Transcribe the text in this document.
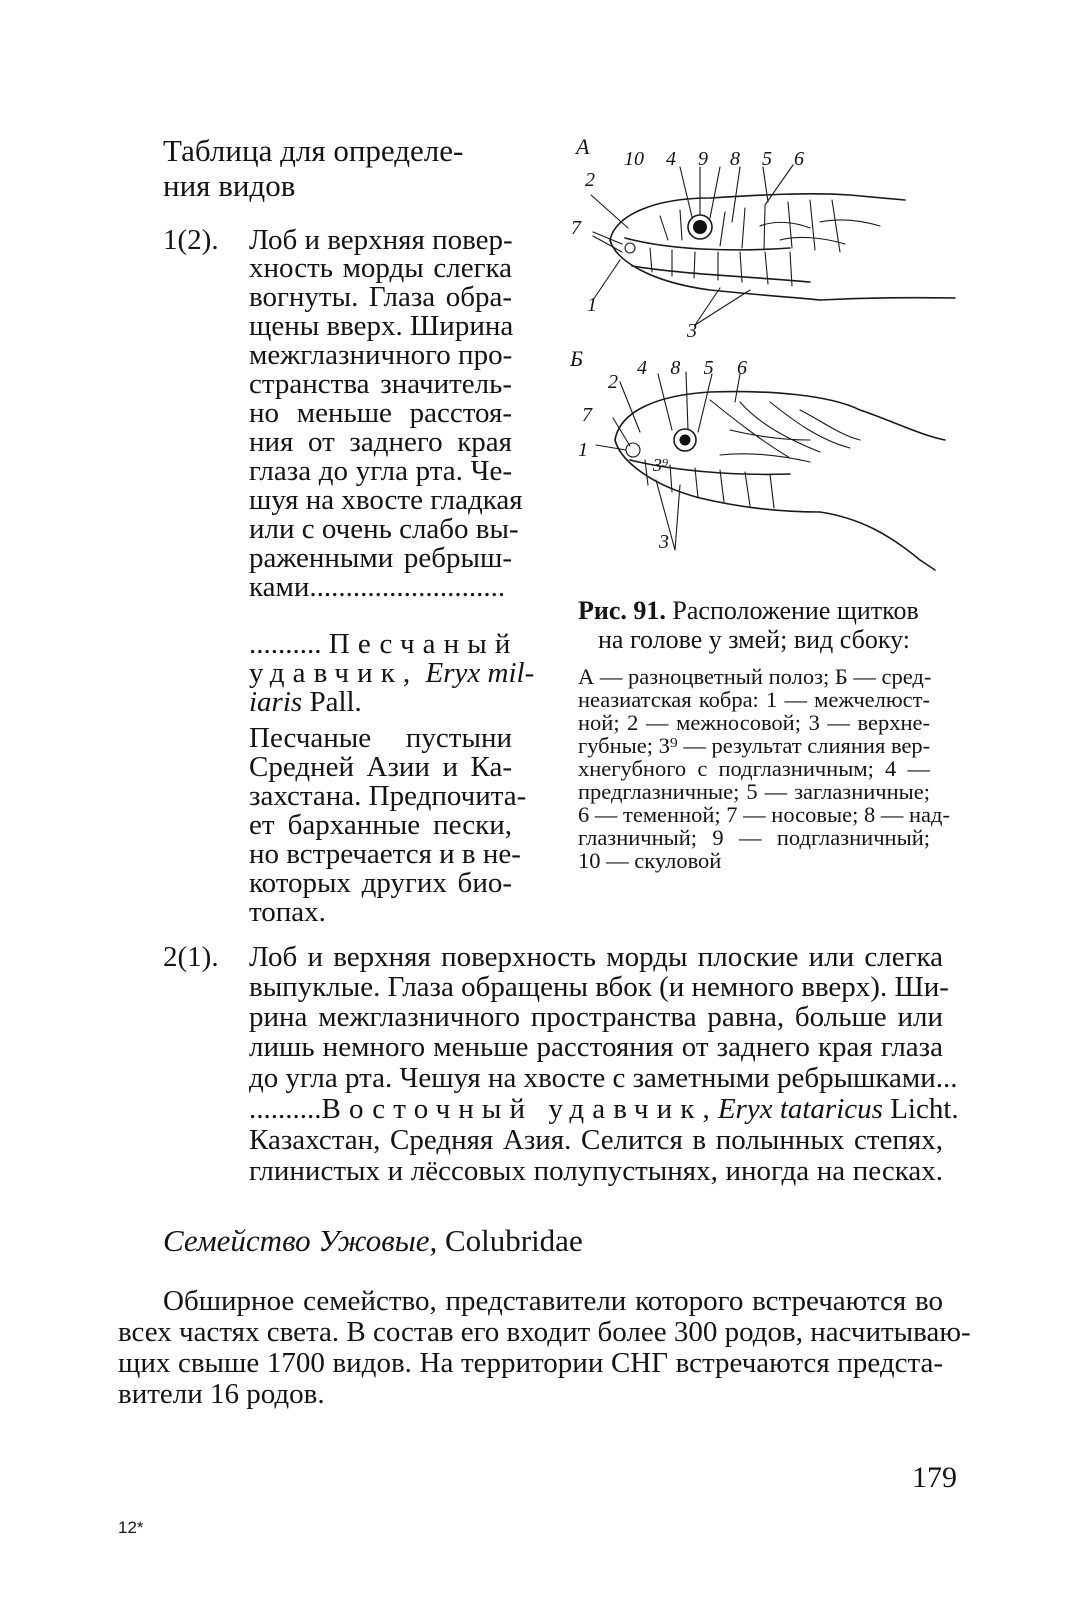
Таблица для определе-
ния видов
1(2). Лоб и верхняя повер-
хность морды слегка
вогнуты. Глаза обра-
щены вверх. Ширина
межглазничного про-
странства значитель-
но меньше расстоя-
ния от заднего края
глаза до угла рта. Че-
шуя на хвосте гладкая
или с очень слабо вы-
раженными ребрыш-
ками...........................
.......... Песчаный
удавчик, Eryx mil-
iaris Pall.
Песчаные пустыни
Средней Азии и Ка-
захстана. Предпочита-
ет барханные пески,
но встречается и в не-
которых других био-
топах.
А 10 4 9 8 5 6
2
7
1
3
Б	4 8 5 6
2
7
1
3⁹
3
Рис. 91. Расположение щитков
на голове у змей; вид сбоку:
А — разноцветный полоз; Б — сред-
неазиатская кобра: 1 — межчелюст-
ной; 2 — межносовой; 3 — верхне-
губные; 3⁹ — результат слияния вер-
хнегубного с подглазничным; 4 —
предглазничные; 5 — заглазничные;
6 — теменной; 7 — носовые; 8 — над-
глазничный; 9 — подглазничный;
10 — скуловой
2(1). Лоб и верхняя поверхность морды плоские или слегка
выпуклые. Глаза обращены вбок (и немного вверх). Ши-
рина межглазничного пространства равна, больше или
лишь немного меньше расстояния от заднего края глаза
до угла рта. Чешуя на хвосте с заметными ребрышками...
.......... Восточный удавчик, Eryx tataricus Licht.
Казахстан, Средняя Азия. Селится в полынных степях,
глинистых и лёссовых полупустынях, иногда на песках.
Семейство Ужовые, Colubridae
Обширное семейство, представители которого встречаются во
всех частях света. В состав его входит более 300 родов, насчитываю-
щих свыше 1700 видов. На территории СНГ встречаются предста-
вители 16 родов.
179
12*
